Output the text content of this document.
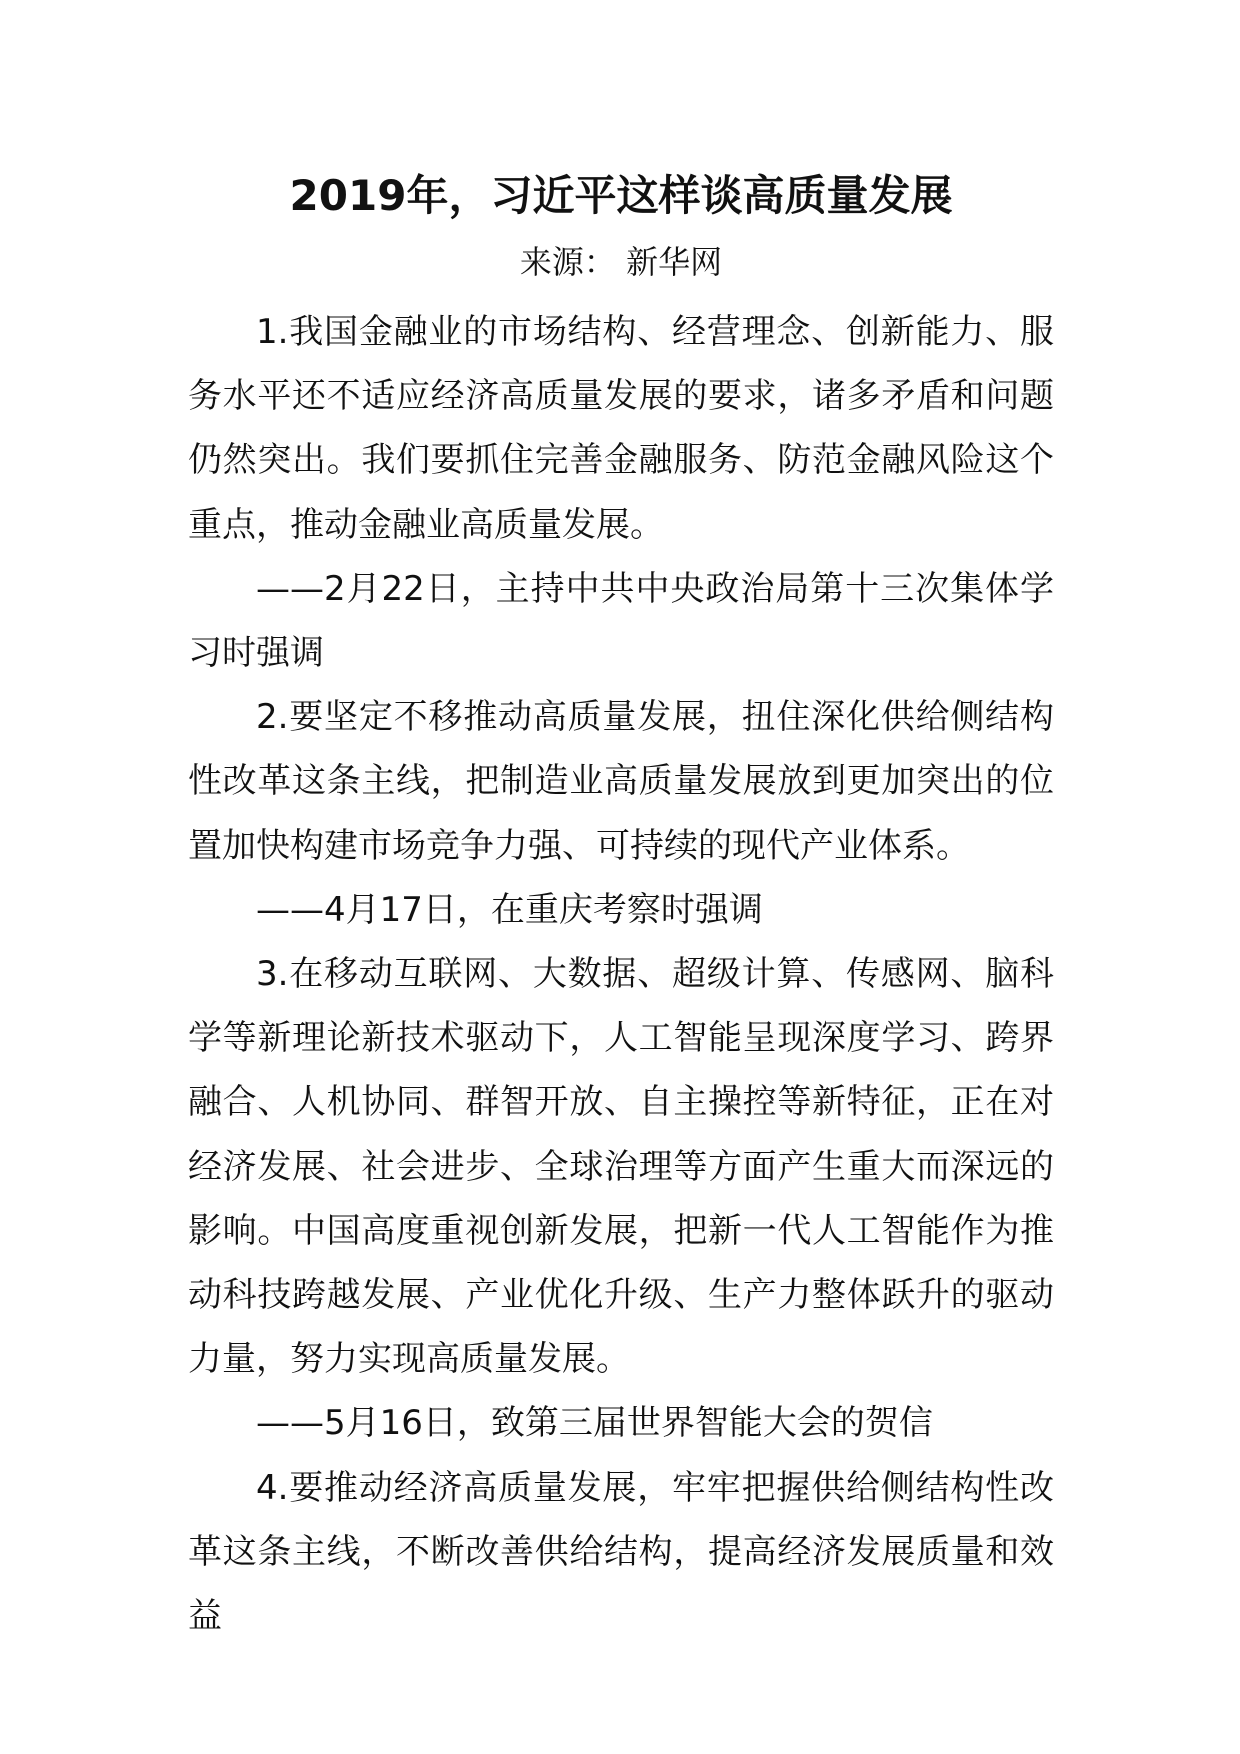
2019年，习近平这样谈高质量发展

来源： 新华网

1.我国金融业的市场结构、经营理念、创新能力、服务水平还不适应经济高质量发展的要求，诸多矛盾和问题仍然突出。我们要抓住完善金融服务、防范金融风险这个重点，推动金融业高质量发展。

——2月22日，主持中共中央政治局第十三次集体学习时强调

2.要坚定不移推动高质量发展，扭住深化供给侧结构性改革这条主线，把制造业高质量发展放到更加突出的位置加快构建市场竞争力强、可持续的现代产业体系。

——4月17日，在重庆考察时强调

3.在移动互联网、大数据、超级计算、传感网、脑科学等新理论新技术驱动下，人工智能呈现深度学习、跨界融合、人机协同、群智开放、自主操控等新特征，正在对经济发展、社会进步、全球治理等方面产生重大而深远的影响。中国高度重视创新发展，把新一代人工智能作为推动科技跨越发展、产业优化升级、生产力整体跃升的驱动力量，努力实现高质量发展。

——5月16日，致第三届世界智能大会的贺信

4.要推动经济高质量发展，牢牢把握供给侧结构性改革这条主线，不断改善供给结构，提高经济发展质量和效益
